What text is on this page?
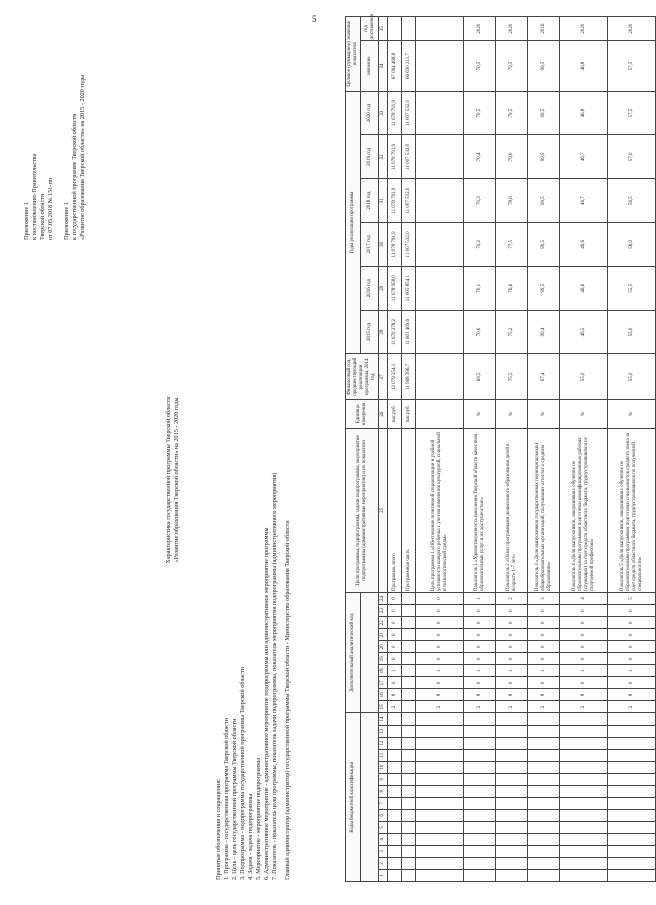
5
Приложение 1 к постановлению Правительства Тверской области от 07.05.2018 № 151-пп Приложение 1 к государственной программе Тверской области «Развитие образования Тверской области» на 2015 - 2020 годы
Характеристика государственной программы Тверской области «Развитие образования Тверской области» на 2015 - 2020 годы
Принятые обозначения и сокращения: 1. Программа - государственная программа Тверской области 2. Цель - цель государственной программы Тверской области 3. Подпрограмма - подпрограмма государственной программы Тверской области 4. Задача - задача подпрограммы 5. Мероприятие - мероприятие подпрограммы 6. Административное мероприятие - административное мероприятие подпрограммы или административное мероприятие программы 7. Показатель - показатель цели программы, показатель задачи подпрограммы, показатель мероприятия подпрограммы (административного мероприятия) Главный администратор (администратор) государственной программы Тверской области - Министерство образования Тверской области	Коды бюджетной классификации														Дополнительный аналитический код										Цели программы, подпрограммы, задачи подпрограммы, мероприятия подпрограммы (административные мероприятия) и их показатели	Единица измерения	Финансовый год, предшествующий реализации программы, 2014 год	Годы реализации программы						Целевое (суммарное) значение показателя	
																											2015 год	2016 год	2017 год	2018 год	2019 год	2020 год	значение	год достижения

1	2	3	4	5	6	7	8	9	10	11	12	13	14	15	16	17	18	19	20	21	22	23	24	25	26	27	28	29	30	31	32	33	34	35
														2	8	0	1	0	0	0	0	0	0	Программа, всего	тыс.руб.	12 079 254,1	11 670 378,2	11 078 958,0	11 078 791,9	11 078 791,9	11 078 791,9	11 078 791,9	67 064 468,8	
																								Программная часть	тыс.руб.	11 968 396,7	11 601 469,6	11 005 854,1	11 007 532,0	11 007 532,0	11 007 532,0	11 007 532,0	66 630 211,7	
														2	8	0	1	0	0	0	0	0	0	Цель программы 1 «Обеспечение позитивной социализации и учебной успешности каждого ребенка с учетом изменения культурной, социальной и технологической среды»										
														2	8	0	1	0	0	0	0	0	1	Показатель 1 «Удовлетворенность населения Тверской области качеством образовательных услуг и их доступностью»	%	69,5	70,0	70,1	70,2	70,3	70,4	70,5	70,5	2020
														2	8	0	1	0	0	0	0	0	2	Показатель 2 «Охват программами дошкольного образования детей в возрасте 1-7 лет»	%	75,5	75,2	76,6	77,5	78,6	79,0	79,5	79,5	2020
														2	8	0	1	0	0	0	0	0	3	Показатель 3 «Доля выпускников государственных (муниципальных) общеобразовательных организаций, получивших аттестат о среднем образовании»	%	97,4	99,4	99,5	99,5	99,5	99,5	99,5	99,5	2016
														2	8	0	1	0	0	0	0	0	4	Показатель 4 «Доля выпускников, завершивших обучение по образовательным программам подготовки квалифицированных рабочих (служащих) за счет средств областного бюджета, трудоустроившихся по полученной профессии»	%	55,0	46,5	46,6	46,6	46,7	46,7	46,8	46,8	2020
														2	8	0	1	0	0	0	0	0	5	Показатель 5 «Доля выпускников, завершивших обучение по образовательным программам подготовки специалистов среднего звена за счет средств областного бюджета, трудоустроившихся по полученной специальности»	%	55,0	55,0	55,5	56,0	56,5	57,0	57,5	57,5	2020
